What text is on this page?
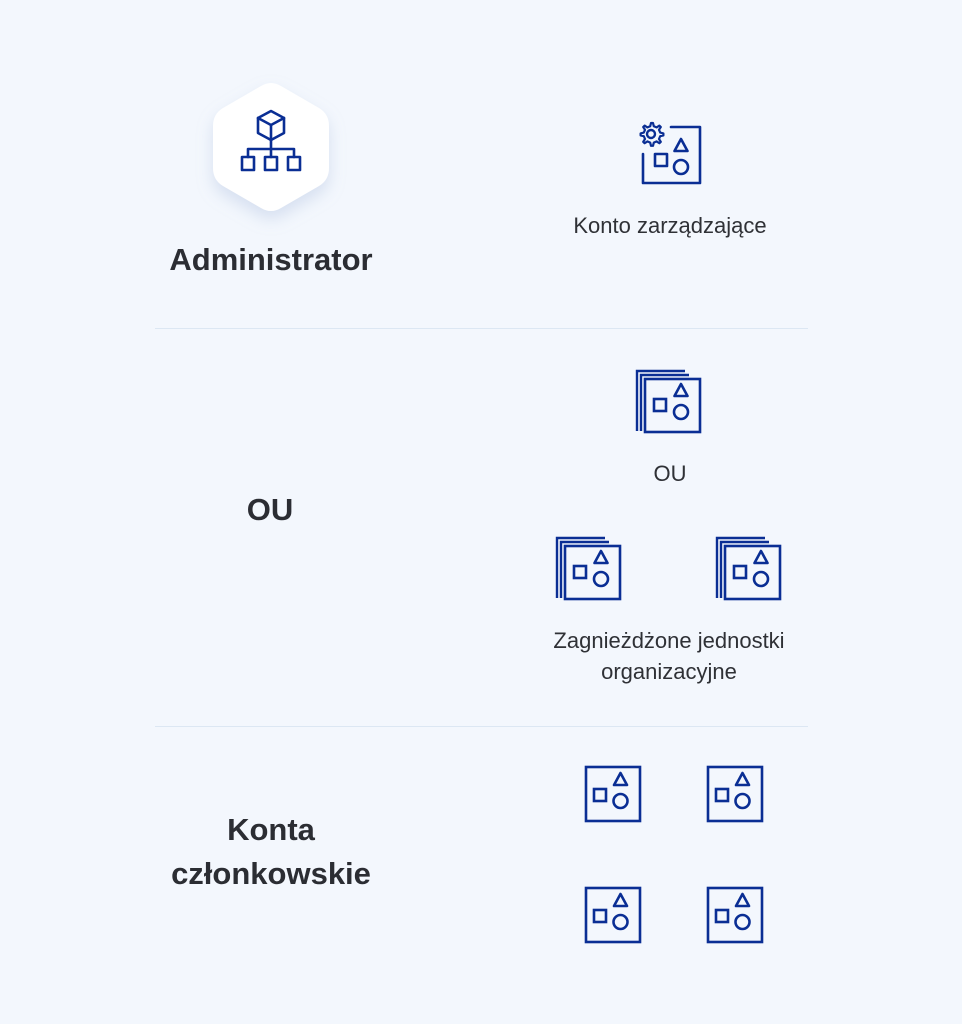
Administrator
Konto zarządzające
OU
OU
Zagnieżdżone jednostki
organizacyjne
Konta
członkowskie
